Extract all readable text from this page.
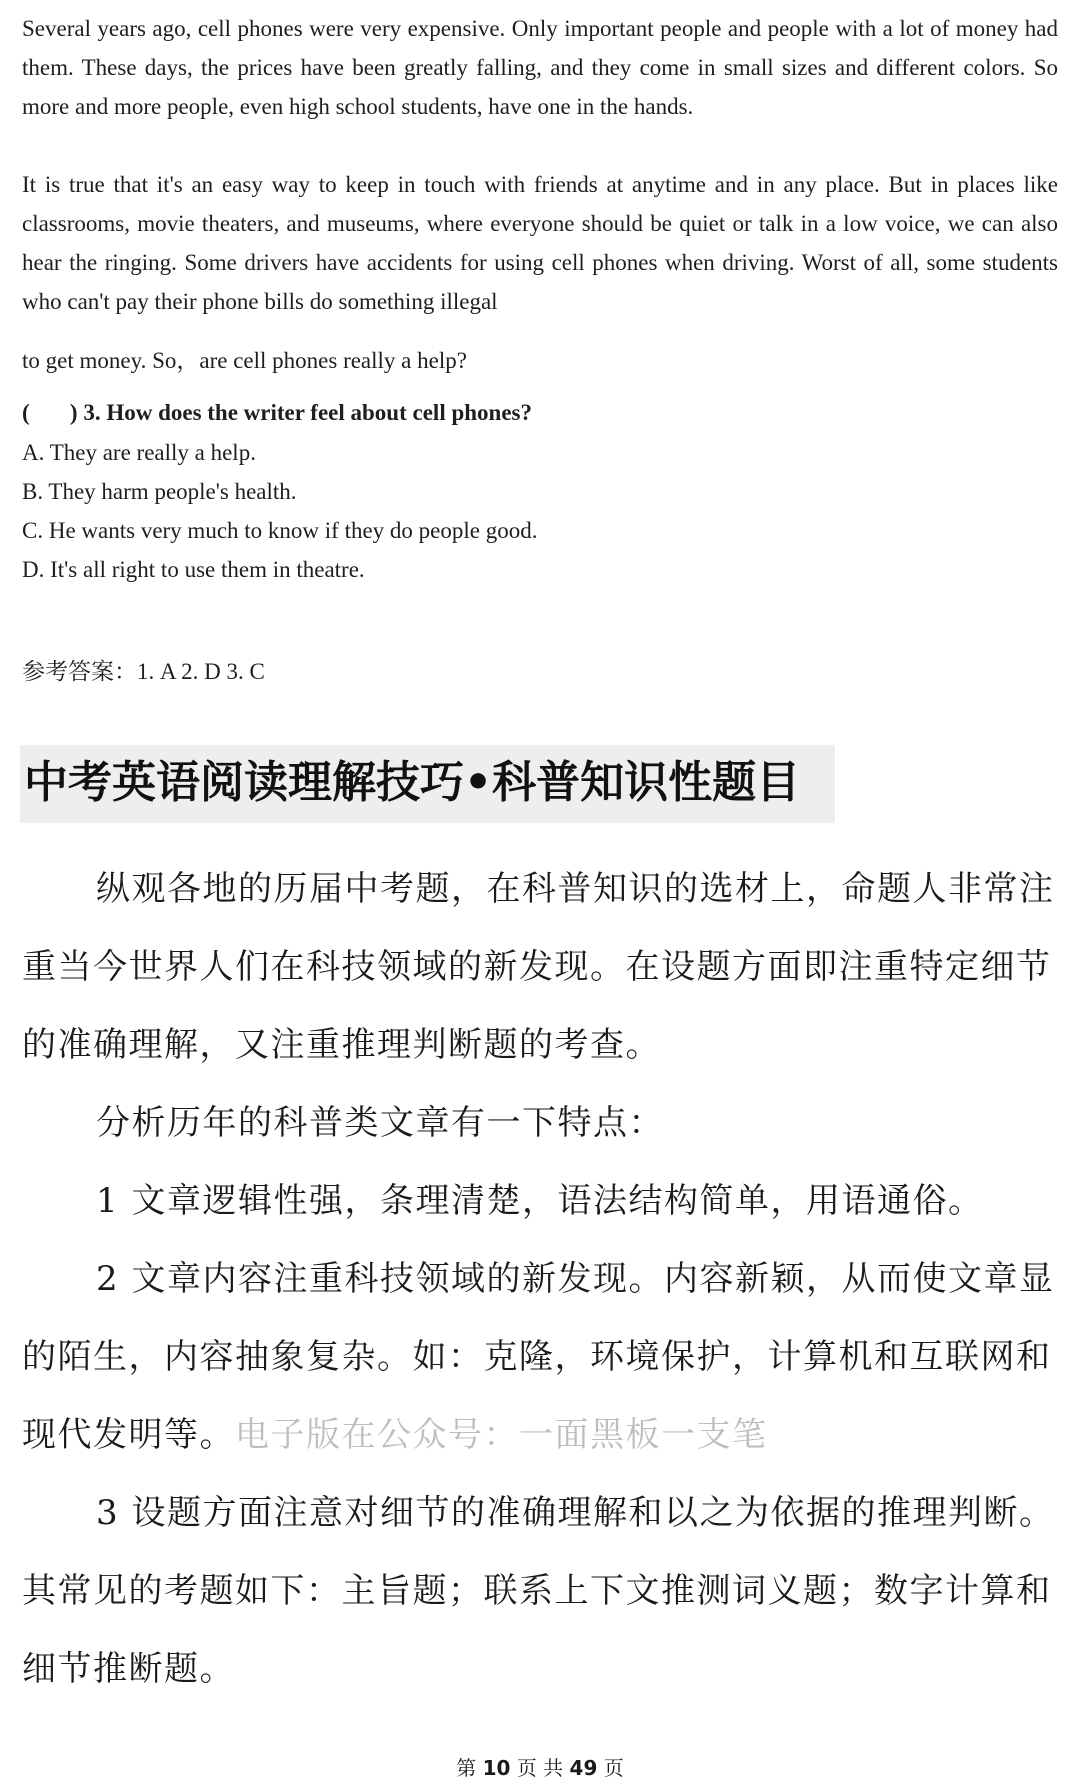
Several years ago, cell phones were very expensive. Only important people and people with a lot of money had them. These days, the prices have been greatly falling, and they come in small sizes and different colors. So more and more people, even high school students, have one in the hands.
It is true that it's an easy way to keep in touch with friends at anytime and in any place. But in places like classrooms, movie theaters, and museums, where everyone should be quiet or talk in a low voice, we can also hear the ringing. Some drivers have accidents for using cell phones when driving. Worst of all, some students who can't pay their phone bills do something illegal
to get money. So，are cell phones really a help?
(       ) 3. How does the writer feel about cell phones?
A. They are really a help.
B. They harm people's health.
C. He wants very much to know if they do people good.
D. It's all right to use them in theatre.
参考答案：1. A 2. D 3. C
中考英语阅读理解技巧•科普知识性题目
纵观各地的历届中考题，在科普知识的选材上，命题人非常注重当今世界人们在科技领域的新发现。在设题方面即注重特定细节的准确理解，又注重推理判断题的考查。
分析历年的科普类文章有一下特点：
1 文章逻辑性强，条理清楚，语法结构简单，用语通俗。
2 文章内容注重科技领域的新发现。内容新颖，从而使文章显的陌生，内容抽象复杂。如：克隆，环境保护，计算机和互联网和现代发明等。电子版在公众号：一面黑板一支笔
3 设题方面注意对细节的准确理解和以之为依据的推理判断。其常见的考题如下：主旨题；联系上下文推测词义题；数字计算和细节推断题。
第 10 页 共 49 页
